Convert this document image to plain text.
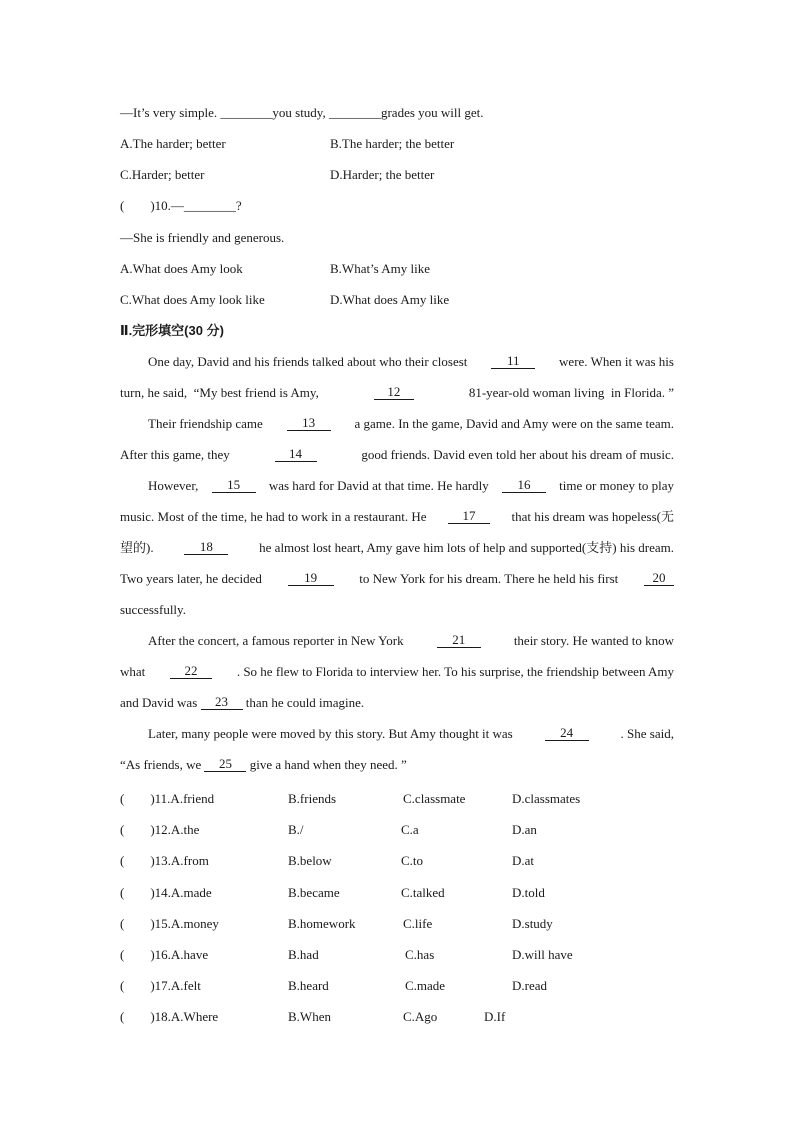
—It’s very simple. ________you study, ________grades you will get.
A.The harder; better	B.The harder; the better
C.Harder; better	D.Harder; the better
(        )10.—________?
—She is friendly and generous.
A.What does Amy look	B.What’s Amy like
C.What does Amy look like	D.What does Amy like
Ⅱ.完形填空(30 分)
One day, David and his friends talked about who their closest	11	were. When it was his
turn, he said,  “My best friend is Amy,	12	81-year-old woman living  in Florida. ”
Their friendship came	13	a game. In the game, David and Amy were on the same team.
After this game, they	14	good friends. David even told her about his dream of music.
However,	15	was hard for David at that time. He hardly	16	time or money to play
music. Most of the time, he had to work in a restaurant. He	17	that his dream was hopeless(无
望的).	18	he almost lost heart, Amy gave him lots of help and supported(支持) his dream.
Two years later, he decided	19	to New York for his dream. There he held his first	20
successfully.
After the concert, a famous reporter in New York	21	their story. He wanted to know
what	22	. So he flew to Florida to interview her. To his surprise, the friendship between Amy
and David was
	23
	than he could imagine.
Later, many people were moved by this story. But Amy thought it was	24	. She said,
“As friends, we
	25
	give a hand when they need. ”
(        )11.A.friend	B.friends	C.classmate	D.classmates
(        )12.A.the	B./	C.a	D.an
(        )13.A.from	B.below	C.to	D.at
(        )14.A.made	B.became	C.talked	D.told
(        )15.A.money	B.homework	C.life	D.study
(        )16.A.have	B.had	C.has	D.will have
(        )17.A.felt	B.heard	C.made	D.read
(        )18.A.Where	B.When	C.Ago	D.If
